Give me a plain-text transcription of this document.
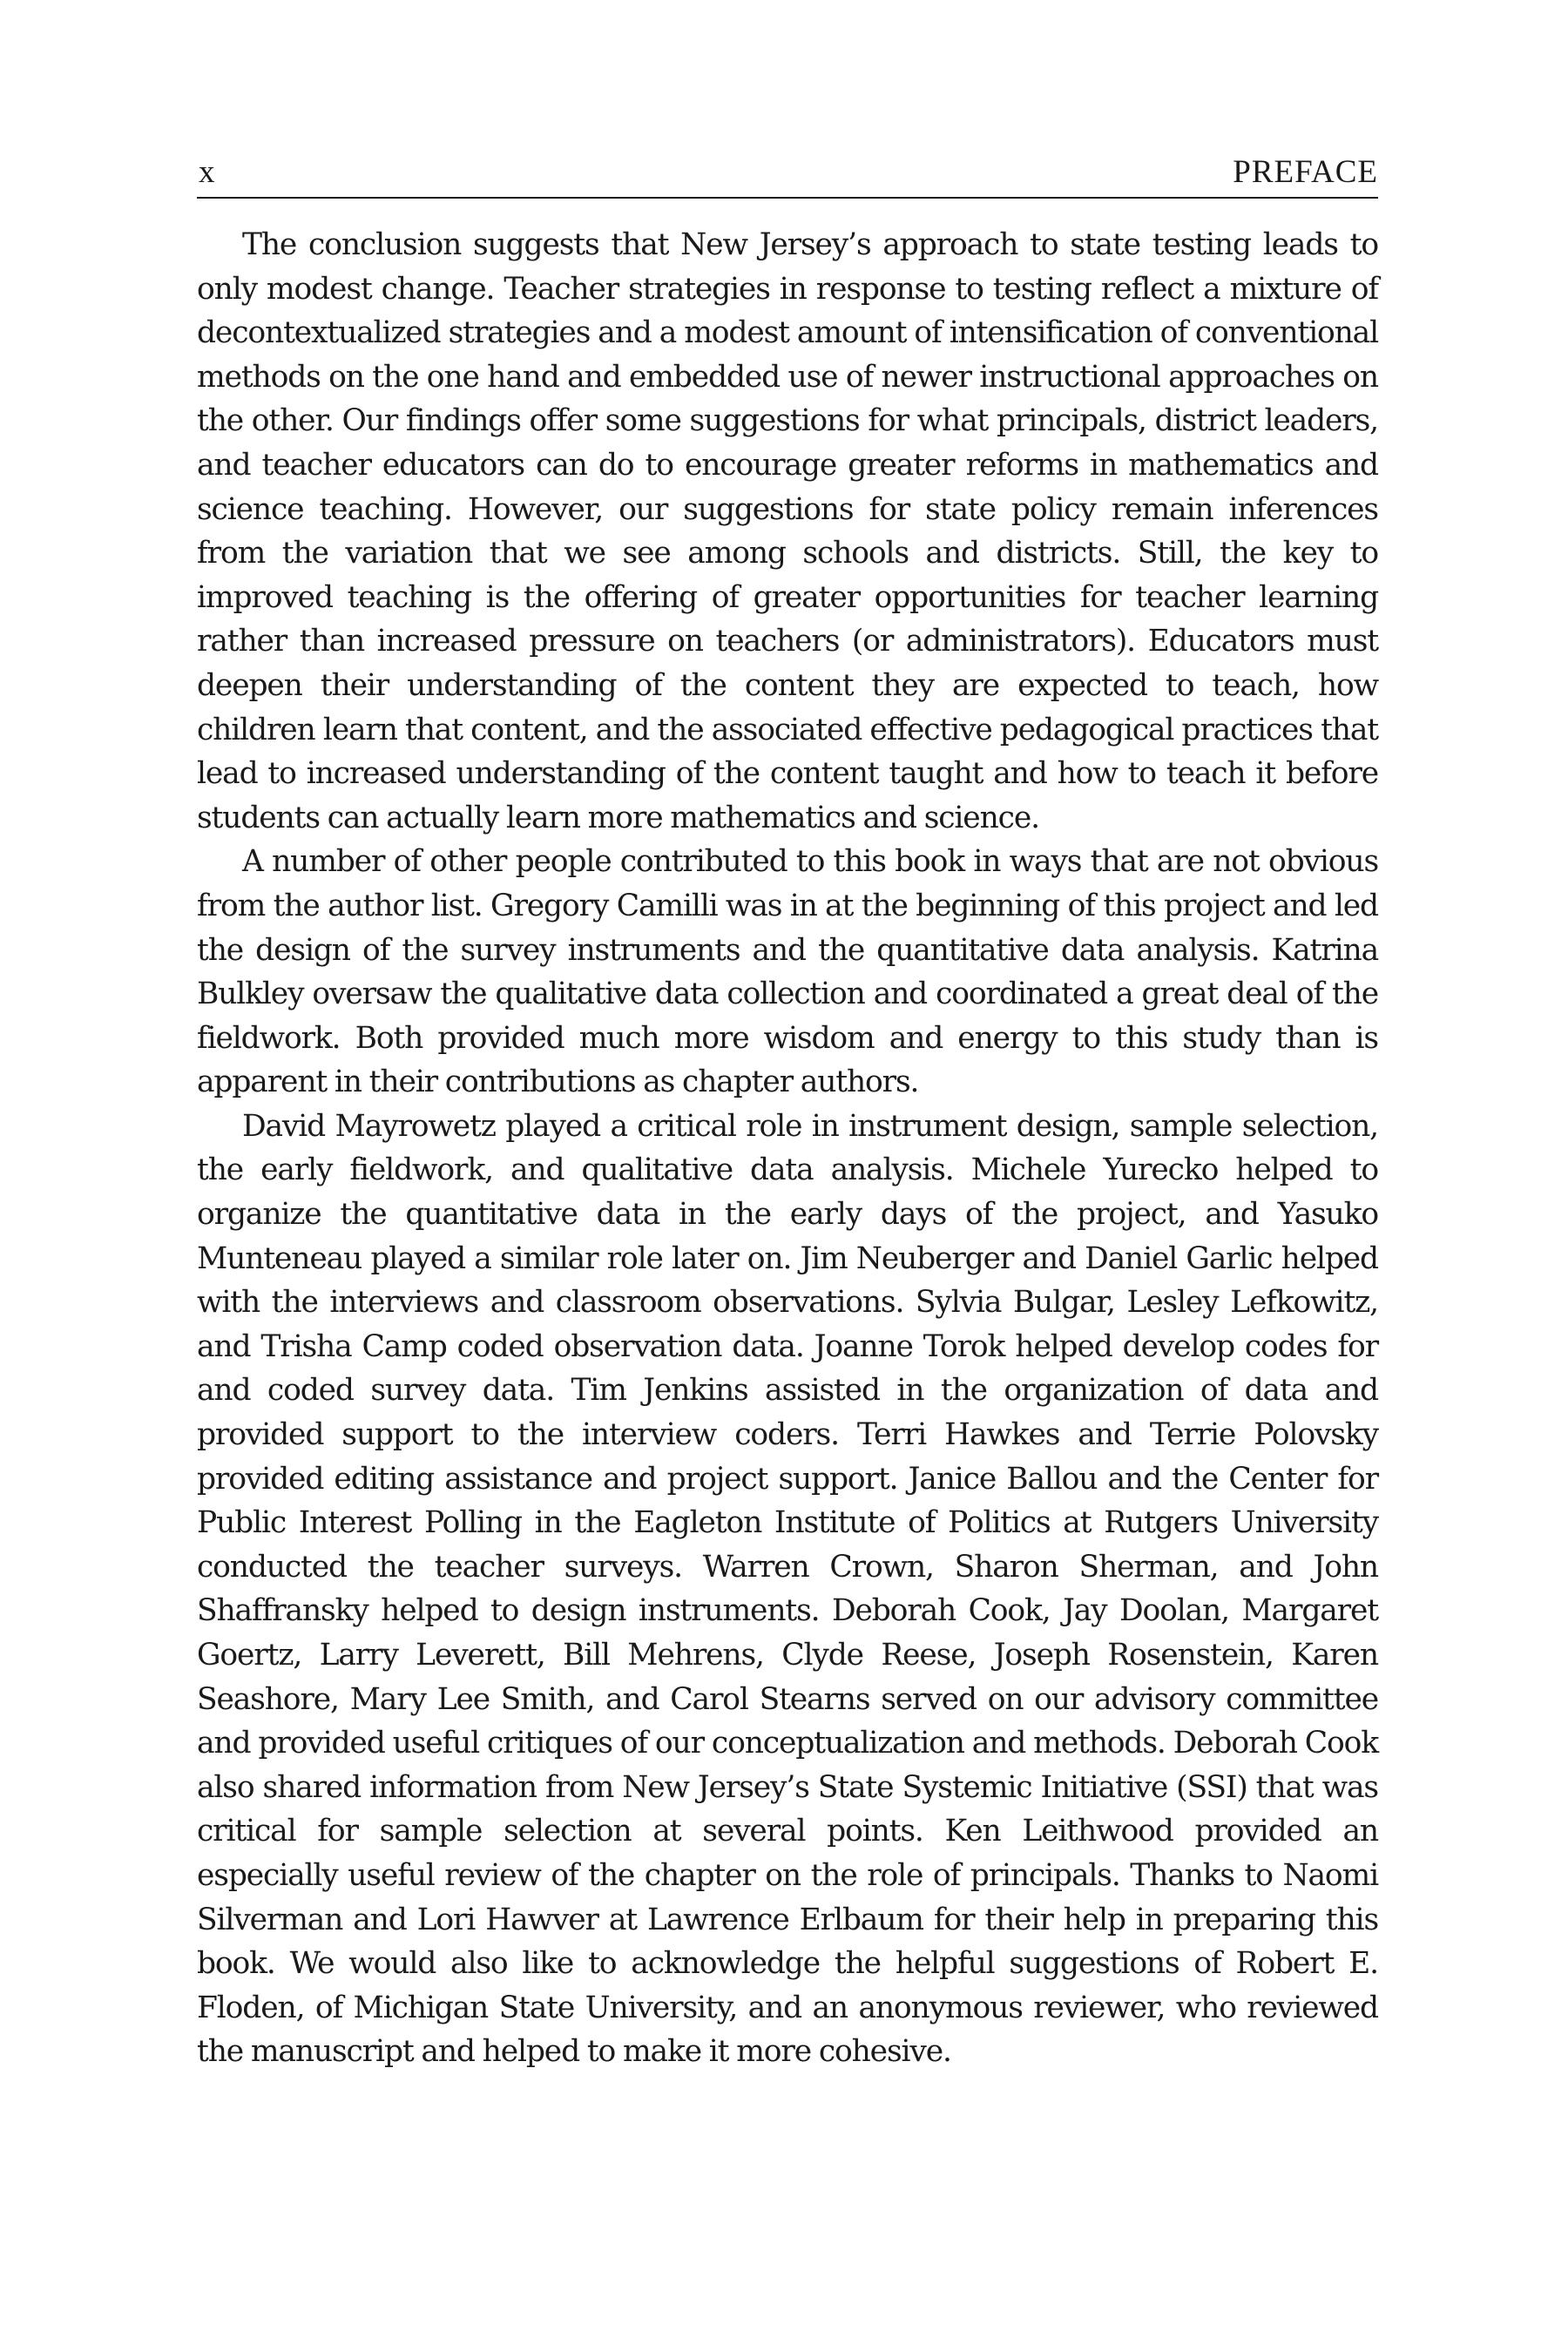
x	PREFACE

The conclusion suggests that New Jersey’s approach to state testing leads to only modest change. Teacher strategies in response to testing reflect a mixture of decontextualized strategies and a modest amount of intensification of conventional methods on the one hand and embedded use of newer instructional approaches on the other. Our findings offer some suggestions for what principals, district leaders, and teacher educators can do to encourage greater reforms in mathematics and science teaching. However, our suggestions for state policy remain inferences from the variation that we see among schools and districts. Still, the key to improved teaching is the offering of greater opportunities for teacher learning rather than increased pressure on teachers (or administrators). Educators must deepen their understanding of the content they are expected to teach, how children learn that content, and the associated effective pedagogical practices that lead to increased understanding of the content taught and how to teach it before students can actually learn more mathematics and science.

A number of other people contributed to this book in ways that are not obvious from the author list. Gregory Camilli was in at the beginning of this project and led the design of the survey instruments and the quantitative data analysis. Katrina Bulkley oversaw the qualitative data collection and coordinated a great deal of the fieldwork. Both provided much more wisdom and energy to this study than is apparent in their contributions as chapter authors.

David Mayrowetz played a critical role in instrument design, sample selection, the early fieldwork, and qualitative data analysis. Michele Yurecko helped to organize the quantitative data in the early days of the project, and Yasuko Munteneau played a similar role later on. Jim Neuberger and Daniel Garlic helped with the interviews and classroom observations. Sylvia Bulgar, Lesley Lefkowitz, and Trisha Camp coded observation data. Joanne Torok helped develop codes for and coded survey data. Tim Jenkins assisted in the organization of data and provided support to the interview coders. Terri Hawkes and Terrie Polovsky provided editing assistance and project support. Janice Ballou and the Center for Public Interest Polling in the Eagleton Institute of Politics at Rutgers University conducted the teacher surveys. Warren Crown, Sharon Sherman, and John Shaffransky helped to design instruments. Deborah Cook, Jay Doolan, Margaret Goertz, Larry Leverett, Bill Mehrens, Clyde Reese, Joseph Rosenstein, Karen Seashore, Mary Lee Smith, and Carol Stearns served on our advisory committee and provided useful critiques of our conceptualization and methods. Deborah Cook also shared information from New Jersey’s State Systemic Initiative (SSI) that was critical for sample selection at several points. Ken Leithwood provided an especially useful review of the chapter on the role of principals. Thanks to Naomi Silverman and Lori Hawver at Lawrence Erlbaum for their help in preparing this book. We would also like to acknowledge the helpful suggestions of Robert E. Floden, of Michigan State University, and an anonymous reviewer, who reviewed the manuscript and helped to make it more cohesive.
